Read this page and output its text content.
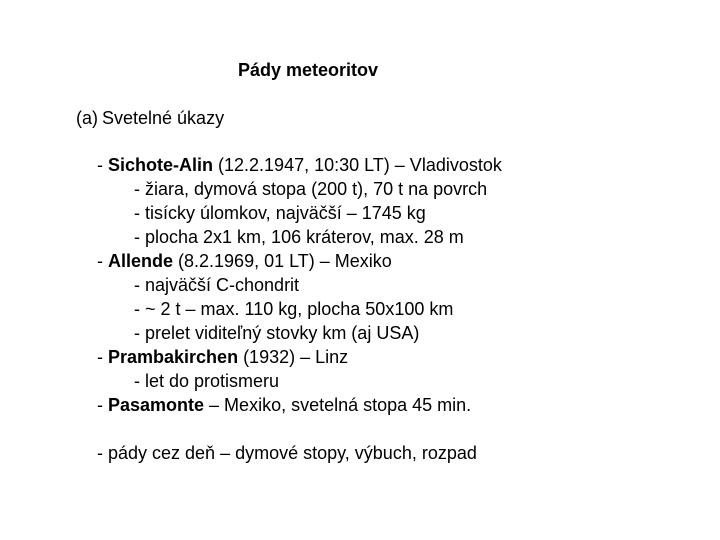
Pády meteoritov
(a) Svetelné úkazy
- Sichote-Alin (12.2.1947, 10:30 LT) – Vladivostok
- žiara, dymová stopa (200 t), 70 t na povrch
- tisícky úlomkov, najväčší – 1745 kg
- plocha 2x1 km, 106 kráterov, max. 28 m
- Allende (8.2.1969, 01 LT) – Mexiko
- najväčší C-chondrit
- ~ 2 t – max. 110 kg, plocha 50x100 km
- prelet viditeľný stovky km (aj USA)
- Prambakirchen (1932) – Linz
- let do protismeru
- Pasamonte – Mexiko, svetelná stopa 45 min.
- pády cez deň – dymové stopy, výbuch, rozpad
